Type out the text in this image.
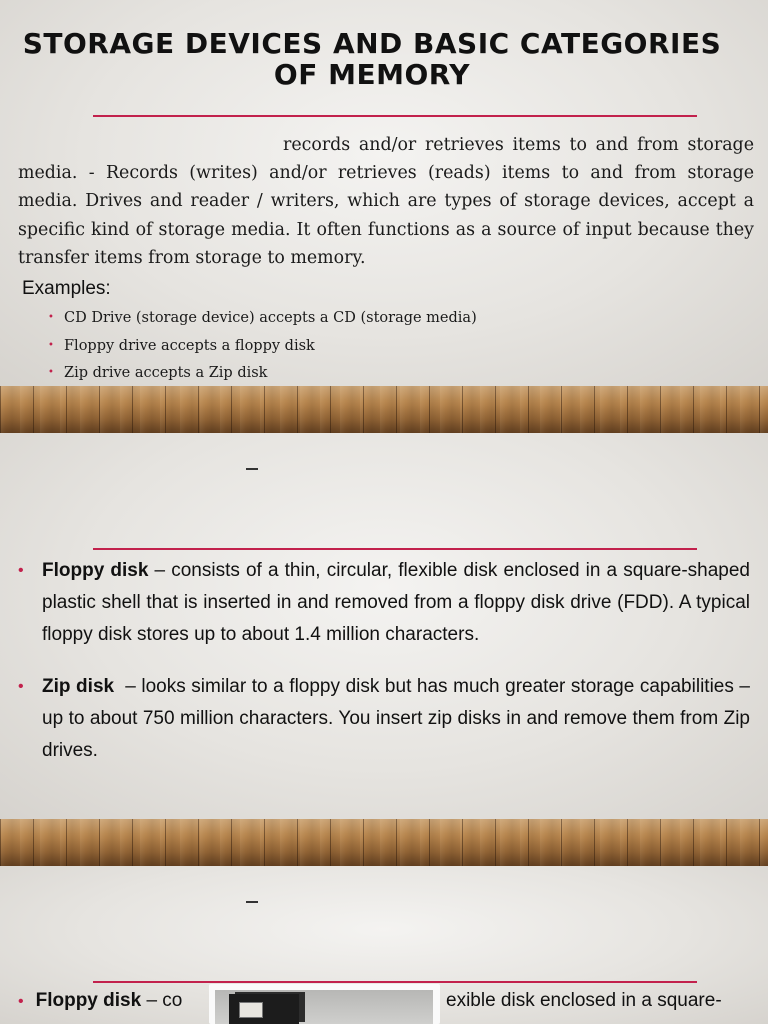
STORAGE DEVICES AND BASIC CATEGORIES OF MEMORY

records and/or retrieves items to and from storage media. - Records (writes) and/or retrieves (reads) items to and from storage media. Drives and reader / writers, which are types of storage devices, accept a specific kind of storage media. It often functions as a source of input because they transfer items from storage to memory.

Examples:

• CD Drive (storage device) accepts a CD (storage media)
• Floppy drive accepts a floppy disk
• Zip drive accepts a Zip disk
• Floppy disk – consists of a thin, circular, flexible disk enclosed in a square-shaped plastic shell that is inserted in and removed from a floppy disk drive (FDD). A typical floppy disk stores up to about 1.4 million characters.
• Zip disk  – looks similar to a floppy disk but has much greater storage capabilities – up to about 750 million characters. You insert zip disks in and remove them from Zip drives.
• Floppy disk – co	exible disk enclosed in a square-
